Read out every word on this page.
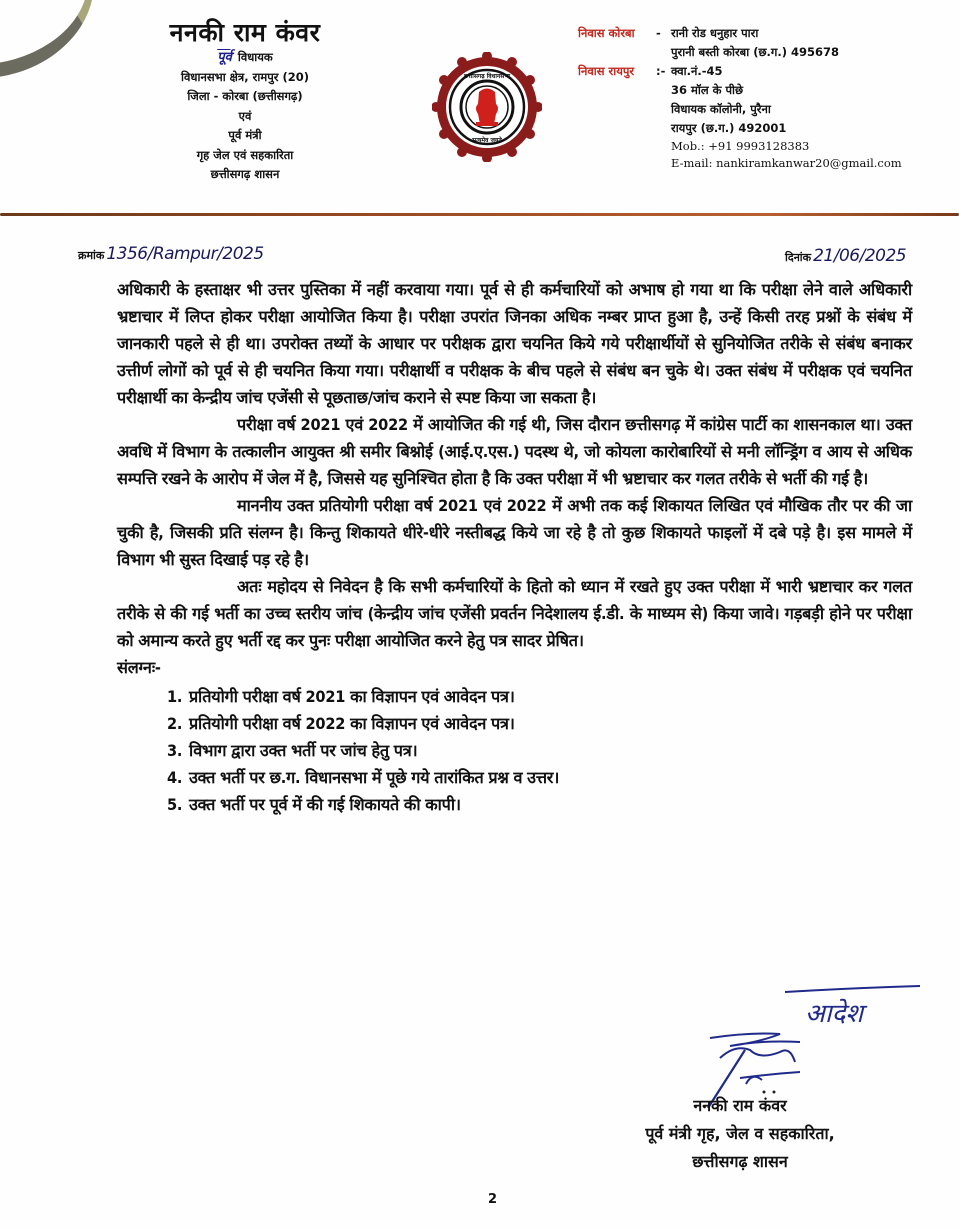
ननकी राम कंवर
पूर्व विधायक
विधानसभा क्षेत्र, रामपुर (20)
जिला - कोरबा (छत्तीसगढ़)
एवं
पूर्व मंत्री
गृह जेल एवं सहकारिता
छत्तीसगढ़ शासन
छत्तीसगढ़ विधानसभा
सत्यमेव जयते
निवास कोरबा	- रानी रोड धनुहार पारा
पुरानी बस्ती कोरबा (छ.ग.) 495678
निवास रायपुर	:- क्वा.नं.-45
36 मॉल के पीछे
विधायक कॉलोनी, पुरैना
रायपुर (छ.ग.) 492001
Mob.: +91 9993128383
E-mail: nankiramkanwar20@gmail.com
क्रमांक 1356/Rampur/2025	दिनांक 21/06/2025

अधिकारी के हस्ताक्षर भी उत्तर पुस्तिका में नहीं करवाया गया। पूर्व से ही कर्मचारियों को अभाष हो गया था कि परीक्षा लेने वाले अधिकारी भ्रष्टाचार में लिप्त होकर परीक्षा आयोजित किया है। परीक्षा उपरांत जिनका अधिक नम्बर प्राप्त हुआ है, उन्हें किसी तरह प्रश्नों के संबंध में जानकारी पहले से ही था। उपरोक्त तथ्यों के आधार पर परीक्षक द्वारा चयनित किये गये परीक्षार्थीयों से सुनियोजित तरीके से संबंध बनाकर उत्तीर्ण लोगों को पूर्व से ही चयनित किया गया। परीक्षार्थी व परीक्षक के बीच पहले से संबंध बन चुके थे। उक्त संबंध में परीक्षक एवं चयनित परीक्षार्थी का केन्द्रीय जांच एजेंसी से पूछताछ/जांच कराने से स्पष्ट किया जा सकता है।

परीक्षा वर्ष 2021 एवं 2022 में आयोजित की गई थी, जिस दौरान छत्तीसगढ़ में कांग्रेस पार्टी का शासनकाल था। उक्त अवधि में विभाग के तत्कालीन आयुक्त श्री समीर बिश्नोई (आई.ए.एस.) पदस्थ थे, जो कोयला कारोबारियों से मनी लॉन्ड्रिंग व आय से अधिक सम्पत्ति रखने के आरोप में जेल में है, जिससे यह सुनिश्चित होता है कि उक्त परीक्षा में भी भ्रष्टाचार कर गलत तरीके से भर्ती की गई है।

माननीय उक्त प्रतियोगी परीक्षा वर्ष 2021 एवं 2022 में अभी तक कई शिकायत लिखित एवं मौखिक तौर पर की जा चुकी है, जिसकी प्रति संलग्न है। किन्तु शिकायते धीरे-धीरे नस्तीबद्ध किये जा रहे है तो कुछ शिकायते फाइलों में दबे पड़े है। इस मामले में विभाग भी सुस्त दिखाई पड़ रहे है।

अतः महोदय से निवेदन है कि सभी कर्मचारियों के हितो को ध्यान में रखते हुए उक्त परीक्षा में भारी भ्रष्टाचार कर गलत तरीके से की गई भर्ती का उच्च स्तरीय जांच (केन्द्रीय जांच एजेंसी प्रवर्तन निदेशालय ई.डी. के माध्यम से) किया जावे। गड़बड़ी होने पर परीक्षा को अमान्य करते हुए भर्ती रद्द कर पुनः परीक्षा आयोजित करने हेतु पत्र सादर प्रेषित।

संलग्नः-
1. प्रतियोगी परीक्षा वर्ष 2021 का विज्ञापन एवं आवेदन पत्र।
2. प्रतियोगी परीक्षा वर्ष 2022 का विज्ञापन एवं आवेदन पत्र।
3. विभाग द्वारा उक्त भर्ती पर जांच हेतु पत्र।
4. उक्त भर्ती पर छ.ग. विधानसभा में पूछे गये तारांकित प्रश्न व उत्तर।
5. उक्त भर्ती पर पूर्व में की गई शिकायते की कापी।
आदेश
ननकी राम कंवर
पूर्व मंत्री गृह, जेल व सहकारिता,
छत्तीसगढ़ शासन
2
